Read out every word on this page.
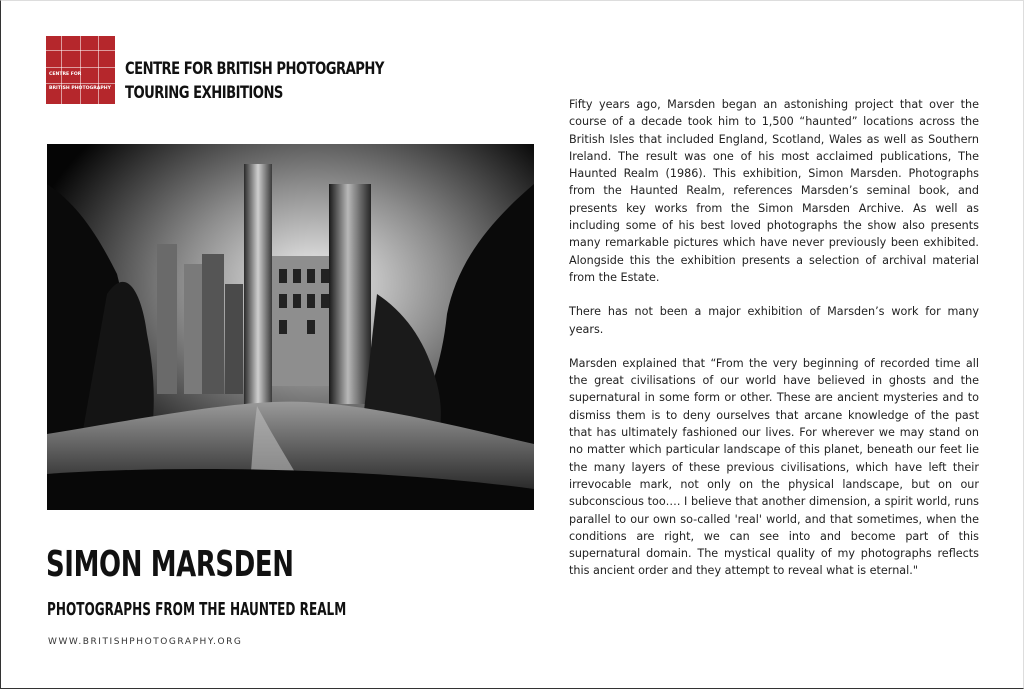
CENTRE FOR
BRITISH PHOTOGRAPHY
CENTRE FOR BRITISH PHOTOGRAPHY
TOURING EXHIBITIONS
SIMON MARSDEN
PHOTOGRAPHS FROM THE HAUNTED REALM
WWW.BRITISHPHOTOGRAPHY.ORG

Fifty years ago, Marsden began an astonishing project that over the course of a decade took him to 1,500 “haunted” locations across the British Isles that included England, Scotland, Wales as well as Southern Ireland. The result was one of his most acclaimed publications, The Haunted Realm (1986). This exhibition, Simon Marsden. Photographs from the Haunted Realm, references Marsden’s seminal book, and presents key works from the Simon Marsden Archive. As well as including some of his best loved photographs the show also presents many remarkable pictures which have never previously been exhibited. Alongside this the exhibition presents a selection of archival material from the Estate.

There has not been a major exhibition of Marsden’s work for many years.

Marsden explained that “From the very beginning of recorded time all the great civilisations of our world have believed in ghosts and the supernatural in some form or other. These are ancient mysteries and to dismiss them is to deny ourselves that arcane knowledge of the past that has ultimately fashioned our lives. For wherever we may stand on no matter which particular landscape of this planet, beneath our feet lie the many layers of these previous civilisations, which have left their irrevocable mark, not only on the physical landscape, but on our subconscious too…. I believe that another dimension, a spirit world, runs parallel to our own so-called 'real' world, and that sometimes, when the conditions are right, we can see into and become part of this supernatural domain. The mystical quality of my photographs reflects this ancient order and they attempt to reveal what is eternal."
